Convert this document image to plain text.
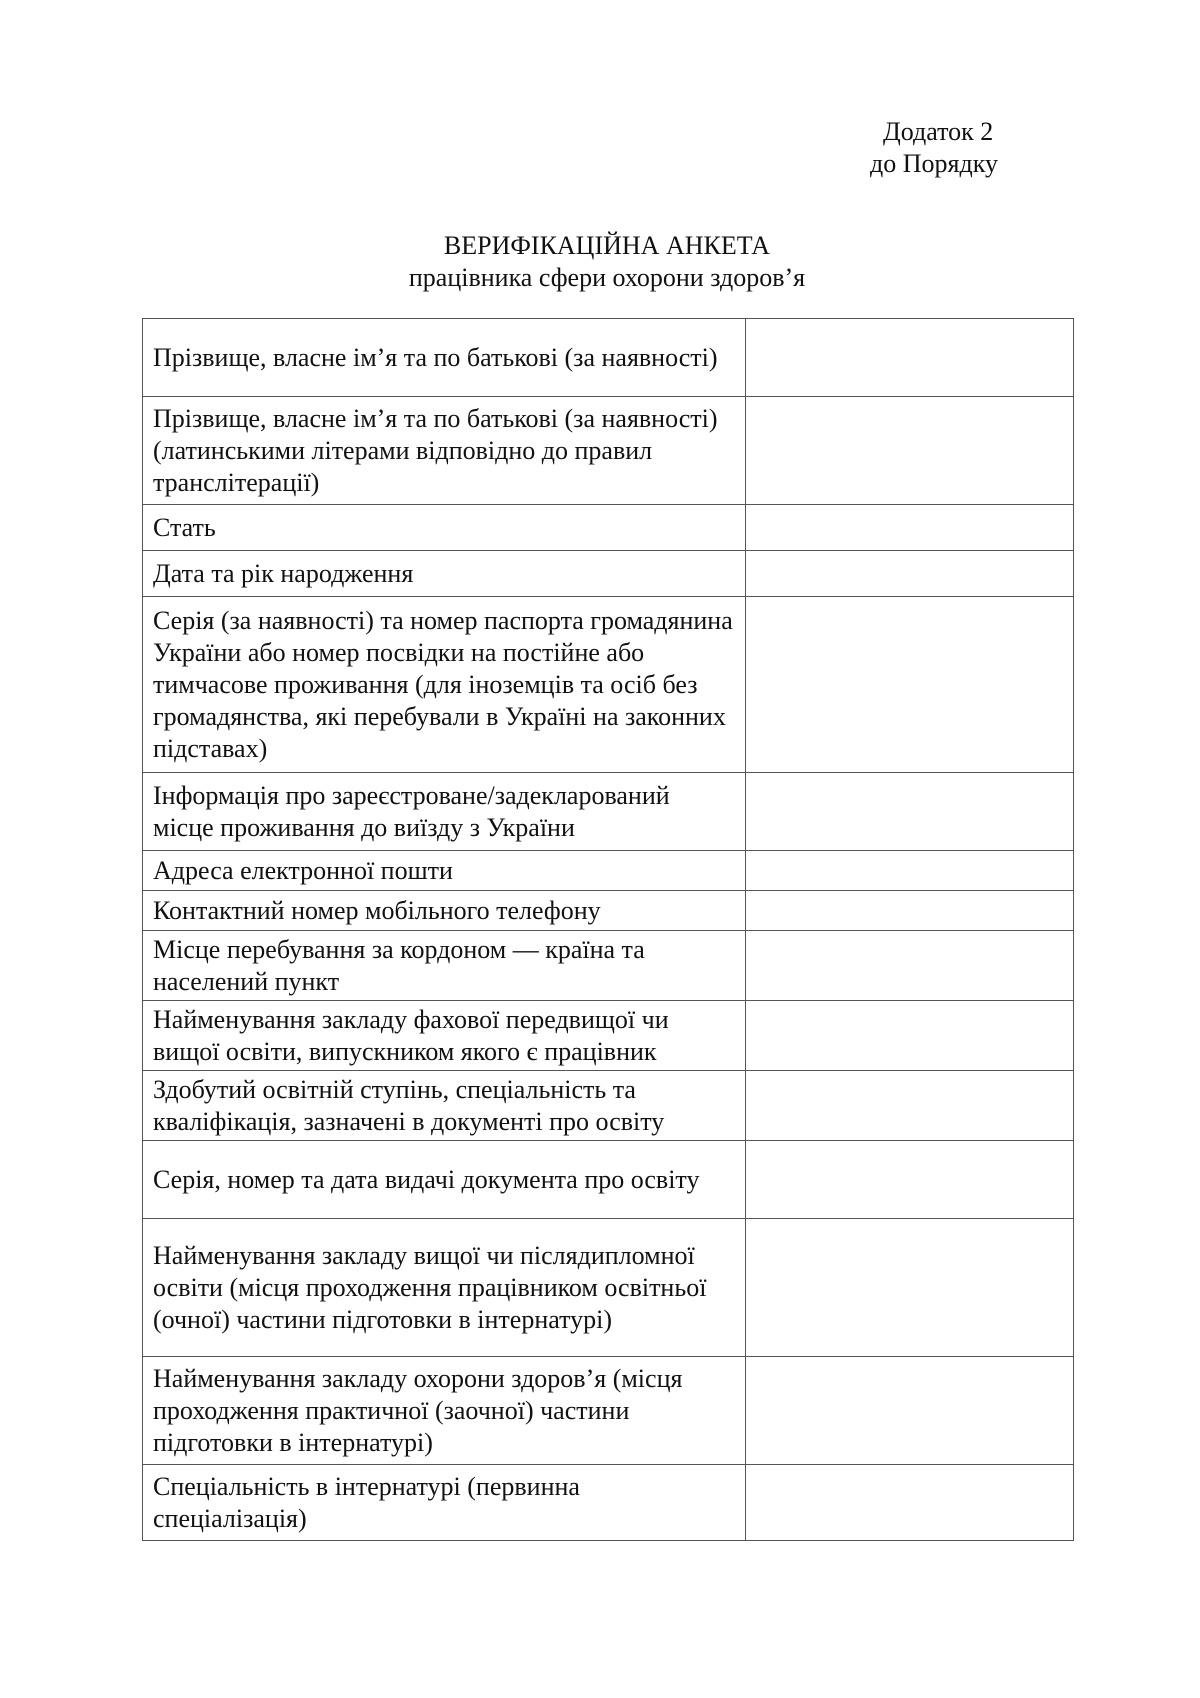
Додаток 2
до Порядку
ВЕРИФІКАЦІЙНА АНКЕТА
працівника сфери охорони здоров’я
Прізвище, власне ім’я та по батькові (за наявності)	
Прізвище, власне ім’я та по батькові (за наявності) (латинськими літерами відповідно до правил транслітерації)	
Стать	
Дата та рік народження	
Серія (за наявності) та номер паспорта громадянина України або номер посвідки на постійне або тимчасове проживання (для іноземців та осіб без громадянства, які перебували в Україні на законних підставах)	
Інформація про зареєстроване/задекларований місце проживання до виїзду з України	
Адреса електронної пошти	
Контактний номер мобільного телефону	
Місце перебування за кордоном — країна та населений пункт	
Найменування закладу фахової передвищої чи вищої освіти, випускником якого є працівник	
Здобутий освітній ступінь, спеціальність та кваліфікація, зазначені в документі про освіту	
Серія, номер та дата видачі документа про освіту	
Найменування закладу вищої чи післядипломної освіти (місця проходження працівником освітньої (очної) частини підготовки в інтернатурі)	
Найменування закладу охорони здоров’я (місця проходження практичної (заочної) частини підготовки в інтернатурі)	
Спеціальність в інтернатурі (первинна спеціалізація)	
